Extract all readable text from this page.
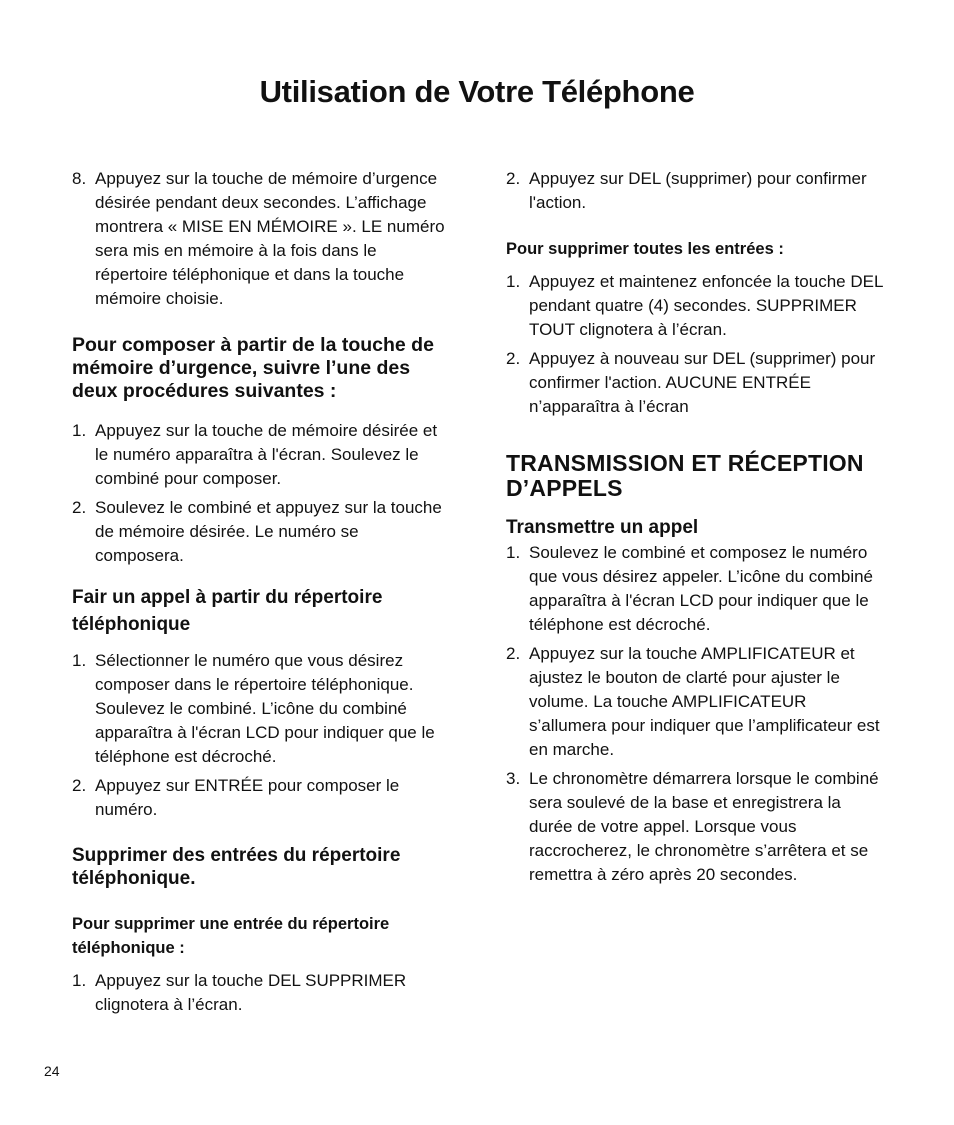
Utilisation de Votre Téléphone
8. Appuyez sur la touche de mémoire d’urgence désirée pendant deux secondes. L’affichage montrera « MISE EN MÉMOIRE ». LE numéro sera mis en mémoire à la fois dans le répertoire téléphonique et dans la touche mémoire choisie.
Pour composer à partir de la touche de mémoire d’urgence, suivre l’une des deux procédures suivantes :
1. Appuyez sur la touche de mémoire désirée et le numéro apparaîtra à l'écran. Soulevez le combiné pour composer.
2. Soulevez le combiné et appuyez sur la touche de mémoire désirée. Le numéro se composera.
Fair un appel à partir du répertoire téléphonique
1. Sélectionner le numéro que vous désirez composer dans le répertoire téléphonique. Soulevez le combiné. L’icône du combiné apparaîtra à l'écran LCD pour indiquer que le téléphone est décroché.
2. Appuyez sur ENTRÉE pour composer le numéro.
Supprimer des entrées du répertoire téléphonique.
Pour supprimer une entrée du répertoire téléphonique :
1. Appuyez sur la touche DEL SUPPRIMER clignotera à l’écran.
2. Appuyez sur DEL (supprimer) pour confirmer l'action.
Pour supprimer toutes les entrées :
1. Appuyez et maintenez enfoncée la touche DEL pendant quatre (4) secondes. SUPPRIMER TOUT clignotera à l’écran.
2. Appuyez à nouveau sur DEL (supprimer) pour confirmer l'action. AUCUNE ENTRÉE n’apparaîtra à l’écran
TRANSMISSION ET RÉCEPTION D’APPELS
Transmettre un appel
1. Soulevez le combiné et composez le numéro que vous désirez appeler. L’icône du combiné apparaîtra à l'écran LCD pour indiquer que le téléphone est décroché.
2. Appuyez sur la touche AMPLIFICATEUR et ajustez le bouton de clarté pour ajuster le volume. La touche AMPLIFICATEUR s’allumera pour indiquer que l’amplificateur est en marche.
3. Le chronomètre démarrera lorsque le combiné sera soulevé de la base et enregistrera la durée de votre appel. Lorsque vous raccrocherez, le chronomètre s’arrêtera et se remettra à zéro après 20 secondes.
24
